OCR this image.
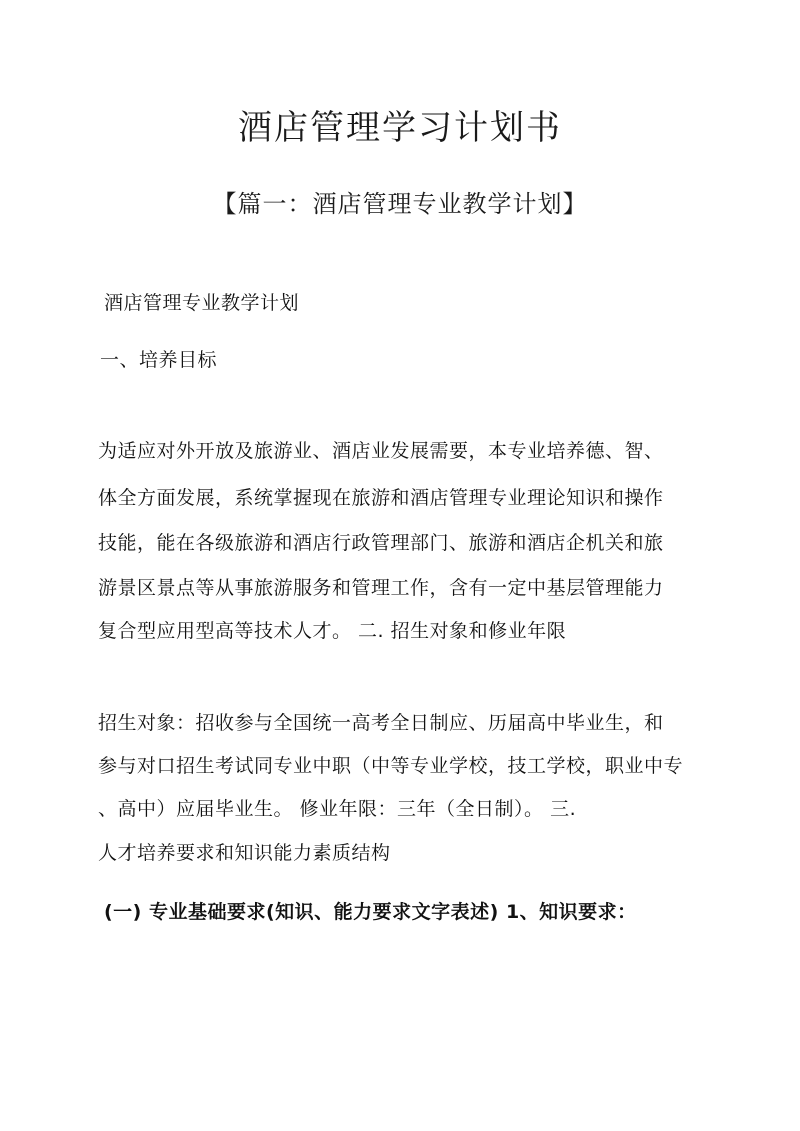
酒店管理学习计划书
【篇一：酒店管理专业教学计划】
酒店管理专业教学计划
一、培养目标
为适应对外开放及旅游业、酒店业发展需要，本专业培养德、智、
体全方面发展，系统掌握现在旅游和酒店管理专业理论知识和操作
技能，能在各级旅游和酒店行政管理部门、旅游和酒店企机关和旅
游景区景点等从事旅游服务和管理工作，含有一定中基层管理能力
复合型应用型高等技术人才。 二. 招生对象和修业年限
招生对象：招收参与全国统一高考全日制应、历届高中毕业生，和
参与对口招生考试同专业中职（中等专业学校，技工学校，职业中专
、高中）应届毕业生。 修业年限：三年（全日制）。 三.
人才培养要求和知识能力素质结构
(一) 专业基础要求(知识、能力要求文字表述) 1、知识要求：
